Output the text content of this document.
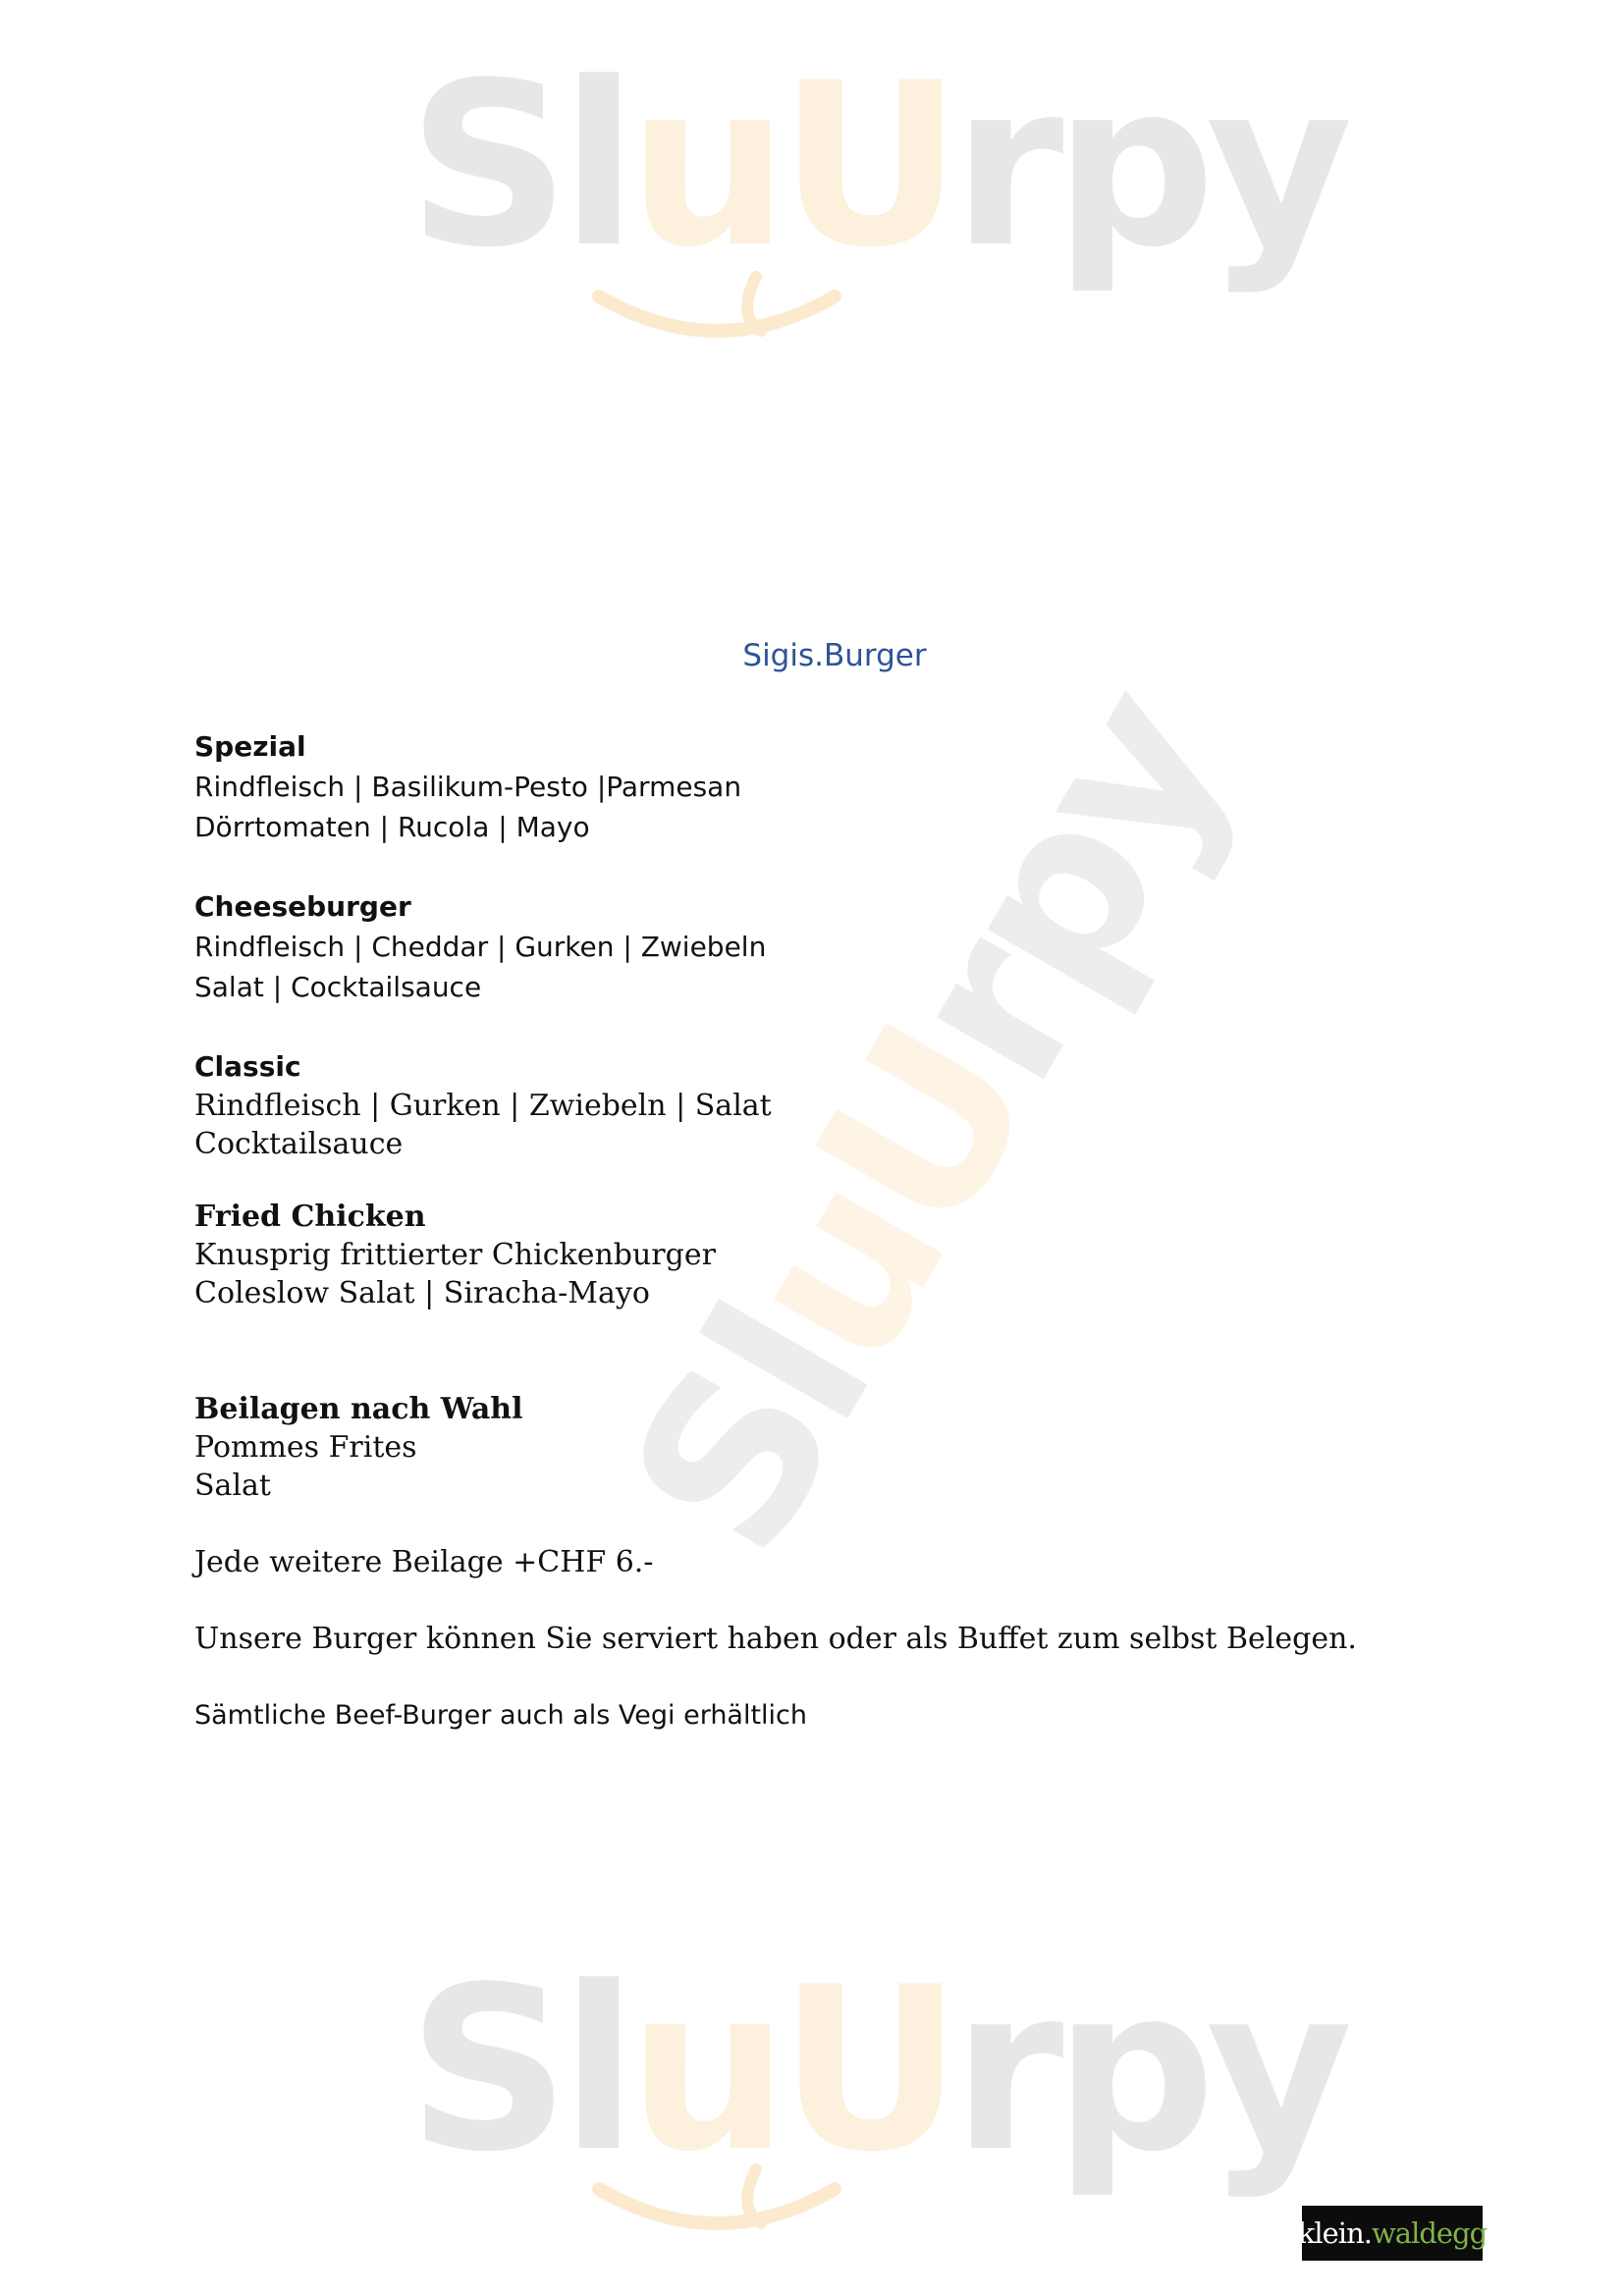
SluUrpy
SluUrpy
SluUrpy
Sigis.Burger
Spezial
Rindfleisch | Basilikum-Pesto |Parmesan
Dörrtomaten | Rucola | Mayo
Cheeseburger
Rindfleisch | Cheddar | Gurken | Zwiebeln
Salat | Cocktailsauce
Classic
Rindfleisch | Gurken | Zwiebeln | Salat
Cocktailsauce
Fried Chicken
Knusprig frittierter Chickenburger
Coleslow Salat | Siracha-Mayo
Beilagen nach Wahl
Pommes Frites
Salat
Jede weitere Beilage +CHF 6.-
Unsere Burger können Sie serviert haben oder als Buffet zum selbst Belegen.
Sämtliche Beef-Burger auch als Vegi erhältlich
klein. waldegg
